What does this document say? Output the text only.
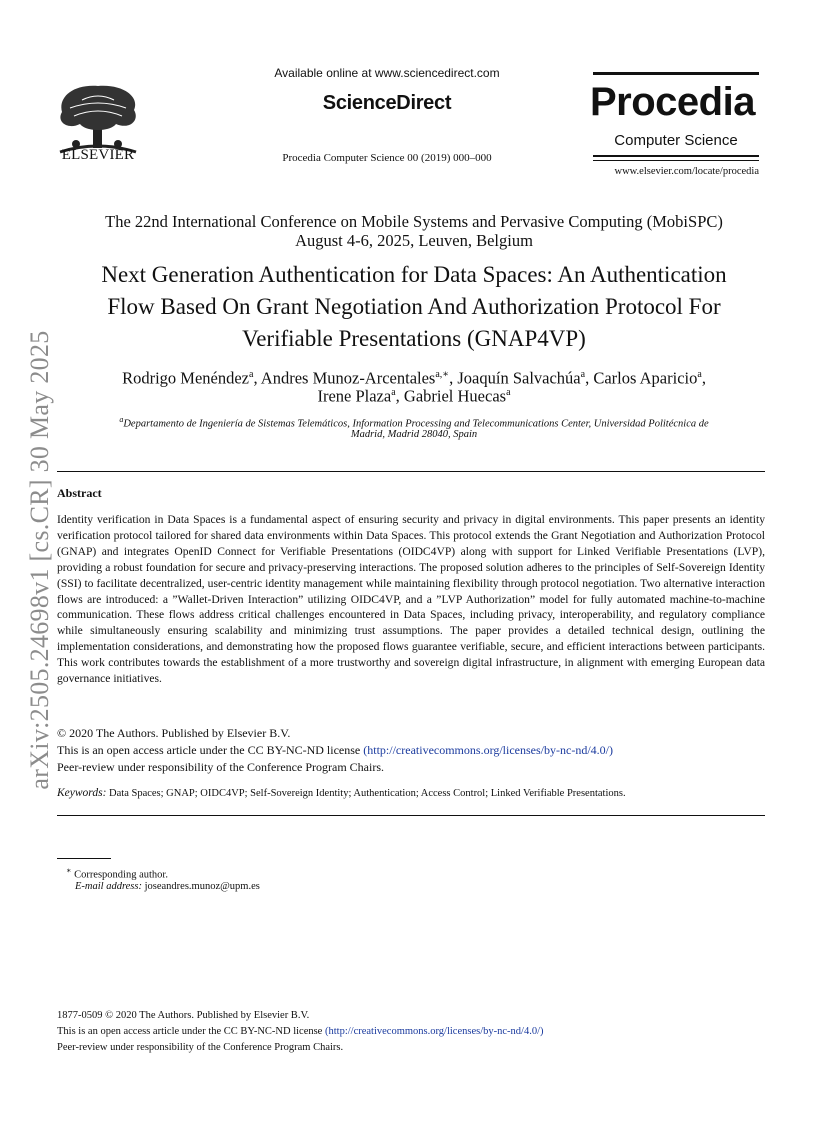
ELSEVIER
Available online at www.sciencedirect.com
ScienceDirect
Procedia Computer Science 00 (2019) 000–000
Procedia
Computer Science
www.elsevier.com/locate/procedia
The 22nd International Conference on Mobile Systems and Pervasive Computing (MobiSPC)
August 4-6, 2025, Leuven, Belgium
Next Generation Authentication for Data Spaces: An Authentication
Flow Based On Grant Negotiation And Authorization Protocol For
Verifiable Presentations (GNAP4VP)
Rodrigo Menéndez$^a$, Andres Munoz-Arcentales$^{a,∗}$, Joaquín Salvachúa$^a$, Carlos Aparicio$^a$,
Irene Plaza$^a$, Gabriel Huecas$^a$
$^a$Departamento de Ingeniería de Sistemas Telemáticos, Information Processing and Telecommunications Center, Universidad Politécnica de
Madrid, Madrid 28040, Spain
Abstract
Identity verification in Data Spaces is a fundamental aspect of ensuring security and privacy in digital environments. This paper presents an identity verification protocol tailored for shared data environments within Data Spaces. This protocol extends the Grant Negotiation and Authorization Protocol (GNAP) and integrates OpenID Connect for Verifiable Presentations (OIDC4VP) along with support for Linked Verifiable Presentations (LVP), providing a robust foundation for secure and privacy-preserving interactions. The proposed solution adheres to the principles of Self-Sovereign Identity (SSI) to facilitate decentralized, user-centric identity management while maintaining flexibility through protocol negotiation. Two alternative interaction flows are introduced: a ”Wallet-Driven Interaction” utilizing OIDC4VP, and a ”LVP Authorization” model for fully automated machine-to-machine communication. These flows address critical challenges encountered in Data Spaces, including privacy, interoperability, and regulatory compliance while simultaneously ensuring scalability and minimizing trust assumptions. The paper provides a detailed technical design, outlining the implementation considerations, and demonstrating how the proposed flows guarantee verifiable, secure, and efficient interactions between participants. This work contributes towards the establishment of a more trustworthy and sovereign digital infrastructure, in alignment with emerging European data governance initiatives.
© 2020 The Authors. Published by Elsevier B.V.
This is an open access article under the CC BY-NC-ND license (http://creativecommons.org/licenses/by-nc-nd/4.0/)
Peer-review under responsibility of the Conference Program Chairs.
Keywords: Data Spaces; GNAP; OIDC4VP; Self-Sovereign Identity; Authentication; Access Control; Linked Verifiable Presentations.
∗ Corresponding author.
E-mail address: joseandres.munoz@upm.es
1877-0509 © 2020 The Authors. Published by Elsevier B.V.
This is an open access article under the CC BY-NC-ND license (http://creativecommons.org/licenses/by-nc-nd/4.0/)
Peer-review under responsibility of the Conference Program Chairs.
arXiv:2505.24698v1 [cs.CR] 30 May 2025
